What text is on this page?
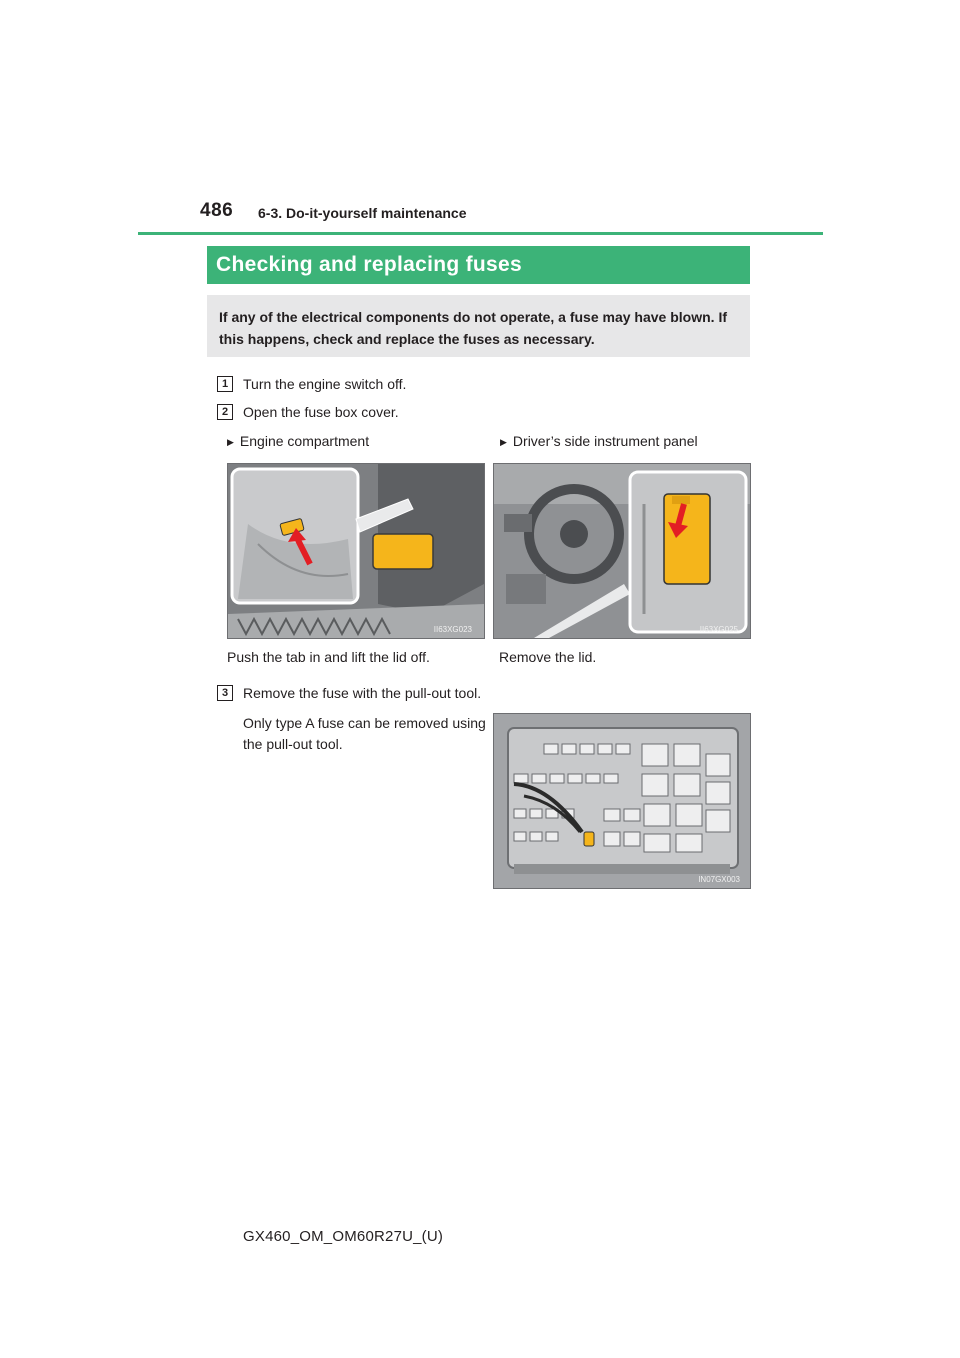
486 6-3. Do-it-yourself maintenance
Checking and replacing fuses
If any of the electrical components do not operate, a fuse may have blown. If this happens, check and replace the fuses as necessary.
1	Turn the engine switch off.
2	Open the fuse box cover.
▶ Engine compartment	▶ Driver’s side instrument panel
II63XG023	II63XG025
Push the tab in and lift the lid off.	Remove the lid.
3	Remove the fuse with the pull-out tool.
Only type A fuse can be removed using the pull-out tool.
IN07GX003
GX460_OM_OM60R27U_(U)
